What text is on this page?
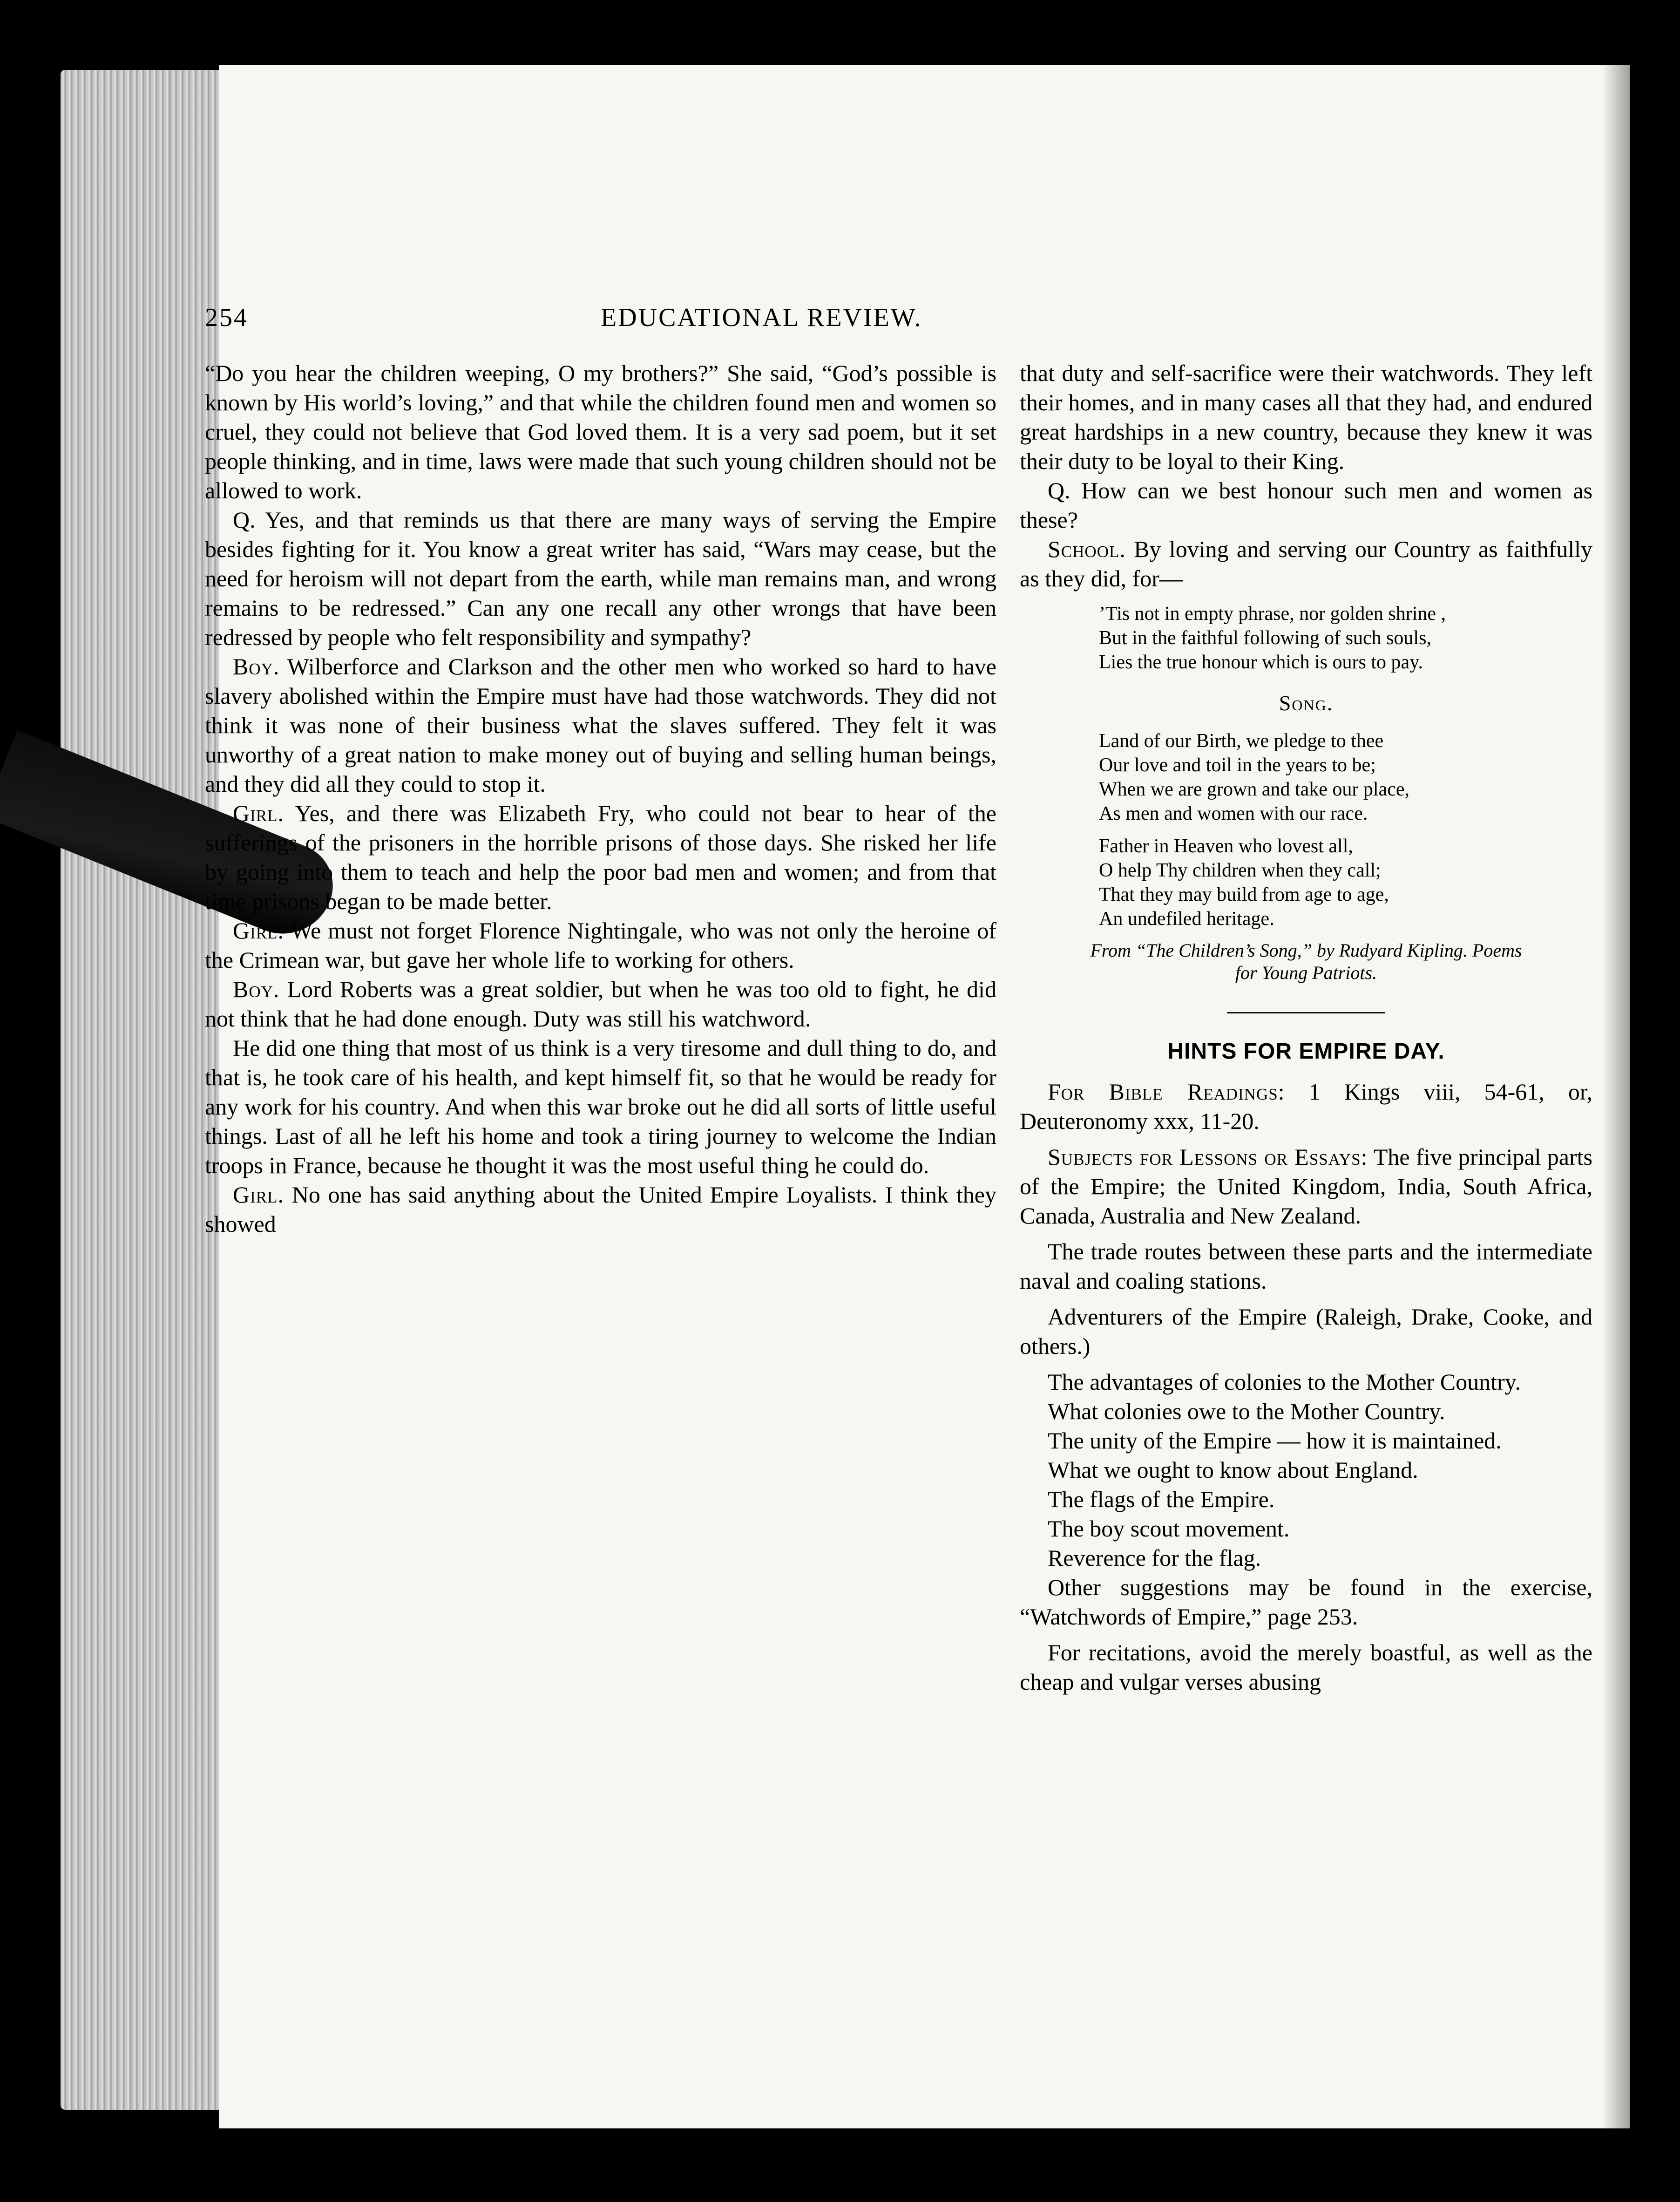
254	EDUCATIONAL REVIEW.

“Do you hear the children weeping, O my brothers?” She said, “God’s possible is known by His world’s loving,” and that while the children found men and women so cruel, they could not believe that God loved them. It is a very sad poem, but it set people thinking, and in time, laws were made that such young children should not be allowed to work.

Q. Yes, and that reminds us that there are many ways of serving the Empire besides fighting for it. You know a great writer has said, “Wars may cease, but the need for heroism will not depart from the earth, while man remains man, and wrong remains to be redressed.” Can any one recall any other wrongs that have been redressed by people who felt responsibility and sympathy?

Boy. Wilberforce and Clarkson and the other men who worked so hard to have slavery abolished within the Empire must have had those watchwords. They did not think it was none of their business what the slaves suffered. They felt it was unworthy of a great nation to make money out of buying and selling human beings, and they did all they could to stop it.

Girl. Yes, and there was Elizabeth Fry, who could not bear to hear of the sufferings of the prisoners in the horrible prisons of those days. She risked her life by going into them to teach and help the poor bad men and women; and from that time prisons began to be made better.

Girl. We must not forget Florence Nightingale, who was not only the heroine of the Crimean war, but gave her whole life to working for others.

Boy. Lord Roberts was a great soldier, but when he was too old to fight, he did not think that he had done enough. Duty was still his watchword.

He did one thing that most of us think is a very tiresome and dull thing to do, and that is, he took care of his health, and kept himself fit, so that he would be ready for any work for his country. And when this war broke out he did all sorts of little useful things. Last of all he left his home and took a tiring journey to welcome the Indian troops in France, because he thought it was the most useful thing he could do.

Girl. No one has said anything about the United Empire Loyalists. I think they showed

that duty and self-sacrifice were their watchwords. They left their homes, and in many cases all that they had, and endured great hardships in a new country, because they knew it was their duty to be loyal to their King.

Q. How can we best honour such men and women as these?

School. By loving and serving our Country as faithfully as they did, for—

’Tis not in empty phrase, nor golden shrine ,
But in the faithful following of such souls,
Lies the true honour which is ours to pay.
Song.
Land of our Birth, we pledge to thee
Our love and toil in the years to be;
When we are grown and take our place,
As men and women with our race.
Father in Heaven who lovest all,
O help Thy children when they call;
That they may build from age to age,
An undefiled heritage.
From “The Children’s Song,” by Rudyard Kipling. Poems
for Young Patriots.
HINTS FOR EMPIRE DAY.

For Bible Readings: 1 Kings viii, 54-61, or, Deuteronomy xxx, 11-20.

Subjects for Lessons or Essays: The five principal parts of the Empire; the United Kingdom, India, South Africa, Canada, Australia and New Zealand.

The trade routes between these parts and the intermediate naval and coaling stations.

Adventurers of the Empire (Raleigh, Drake, Cooke, and others.)

The advantages of colonies to the Mother Country.

What colonies owe to the Mother Country.

The unity of the Empire — how it is maintained.

What we ought to know about England.

The flags of the Empire.

The boy scout movement.

Reverence for the flag.

Other suggestions may be found in the exercise, “Watchwords of Empire,” page 253.

For recitations, avoid the merely boastful, as well as the cheap and vulgar verses abusing
